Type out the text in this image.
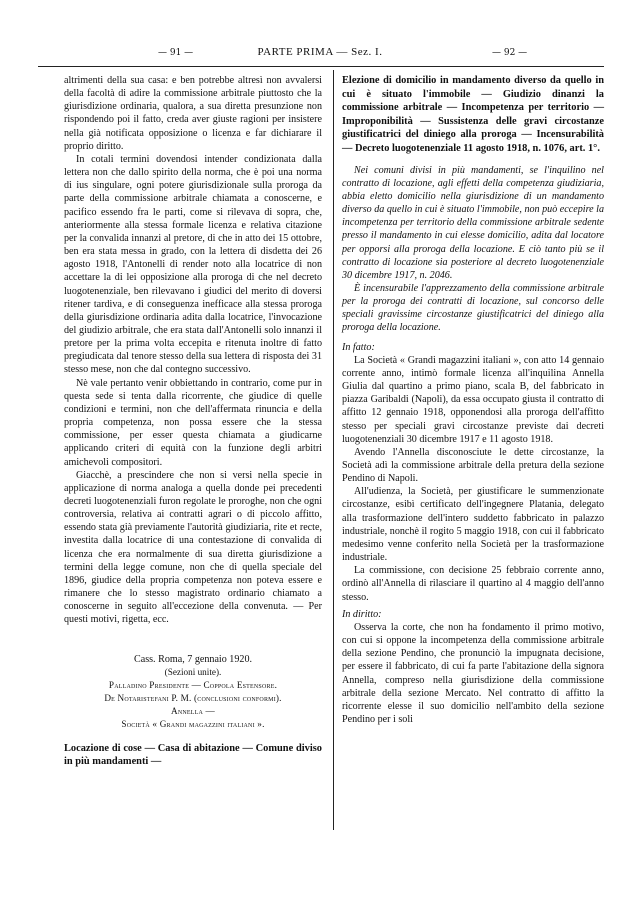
— 91 —	PARTE PRIMA — Sez. I.	— 92 —

altrimenti della sua casa: e ben potrebbe altresì non avvalersi della facoltà di adire la commissione arbitrale piuttosto che la giurisdizione ordinaria, qualora, a sua diretta presunzione non rispondendo poi il fatto, creda aver giuste ragioni per insistere nella già notificata opposizione o licenza e far dichiarare il proprio diritto.

In cotali termini dovendosi intender condizionata dalla lettera non che dallo spirito della norma, che è poi una norma di ius singulare, ogni potere giurisdizionale sulla proroga da parte della commissione arbitrale chiamata a conoscerne, e pacifico essendo fra le parti, come si rilevava di sopra, che, anteriormente alla stessa formale licenza e relativa citazione per la convalida innanzi al pretore, di che in atto dei 15 ottobre, ben era stata messa in grado, con la lettera di disdetta dei 26 agosto 1918, l'Antonelli di render noto alla locatrice di non accettare la di lei opposizione alla proroga di che nel decreto luogotenenziale, ben rilevavano i giudici del merito di doversi ritener tardiva, e di conseguenza inefficace alla stessa proroga della giurisdizione ordinaria adita dalla locatrice, l'invocazione del giudizio arbitrale, che era stata dall'Antonelli solo innanzi il pretore per la prima volta eccepita e ritenuta inoltre di fatto pregiudicata dal tenore stesso della sua lettera di risposta dei 31 stesso mese, non che dal contegno successivo.

Nè vale pertanto venir obbiettando in contrario, come pur in questa sede si tenta dalla ricorrente, che giudice di quelle condizioni e termini, non che dell'affermata rinuncia e della propria competenza, non possa essere che la stessa commissione, per esser questa chiamata a giudicarne applicando criteri di equità con la funzione degli arbitri amichevoli compositori.

Giacchè, a prescindere che non si versi nella specie in applicazione di norma analoga a quella donde pei precedenti decreti luogotenenziali furon regolate le proroghe, non che ogni controversia, relativa ai contratti agrari o di piccolo affitto, essendo stata già previamente l'autorità giudiziaria, rite et recte, investita dalla locatrice di una contestazione di convalida di licenza che era normalmente di sua diretta giurisdizione a termini della legge comune, non che di quella speciale del 1896, giudice della propria competenza non poteva essere e rimanere che lo stesso magistrato ordinario chiamato a conoscerne in seguito all'eccezione della convenuta. — Per questi motivi, rigetta, ecc.

Cass. Roma, 7 gennaio 1920.

(Sezioni unite).

Palladino Presidente — Coppola Estensore.

De Notaristefani P. M. (conclusioni conformi).

Annella —

Società « Grandi magazzini italiani ».

Locazione di cose — Casa di abitazione — Comune diviso in più mandamenti —

Elezione di domicilio in mandamento diverso da quello in cui è situato l'immobile — Giudizio dinanzi la commissione arbitrale — Incompetenza per territorio — Improponibilità — Sussistenza delle gravi circostanze giustificatrici del diniego alla proroga — Incensurabilità — Decreto luogotenenziale 11 agosto 1918, n. 1076, art. 1°.

Nei comuni divisi in più mandamenti, se l'inquilino nel contratto di locazione, agli effetti della competenza giudiziaria, abbia eletto domicilio nella giurisdizione di un mandamento diverso da quello in cui è situato l'immobile, non può eccepire la incompetenza per territorio della commissione arbitrale sedente presso il mandamento in cui elesse domicilio, adita dal locatore per opporsi alla proroga della locazione. E ciò tanto più se il contratto di locazione sia posteriore al decreto luogotenenziale 30 dicembre 1917, n. 2046.

È incensurabile l'apprezzamento della commissione arbitrale per la proroga dei contratti di locazione, sul concorso delle speciali gravissime circostanze giustificatrici del diniego alla proroga della locazione.

In fatto:

La Società « Grandi magazzini italiani », con atto 14 gennaio corrente anno, intimò formale licenza all'inquilina Annella Giulia dal quartino a primo piano, scala B, del fabbricato in piazza Garibaldi (Napoli), da essa occupato giusta il contratto di affitto 12 gennaio 1918, opponendosi alla proroga dell'affitto stesso per speciali gravi circostanze previste dai decreti luogotenenziali 30 dicembre 1917 e 11 agosto 1918.

Avendo l'Annella disconosciute le dette circostanze, la Società adì la commissione arbitrale della pretura della sezione Pendino di Napoli.

All'udienza, la Società, per giustificare le summenzionate circostanze, esibì certificato dell'ingegnere Platania, delegato alla trasformazione dell'intero suddetto fabbricato in palazzo industriale, nonchè il rogito 5 maggio 1918, con cui il fabbricato medesimo venne conferito nella Società per la trasformazione industriale.

La commissione, con decisione 25 febbraio corrente anno, ordinò all'Annella di rilasciare il quartino al 4 maggio dell'anno stesso.

In diritto:

Osserva la corte, che non ha fondamento il primo motivo, con cui si oppone la incompetenza della commissione arbitrale della sezione Pendino, che pronunciò la impugnata decisione, per essere il fabbricato, di cui fa parte l'abitazione della signora Annella, compreso nella giurisdizione della commissione arbitrale della sezione Mercato. Nel contratto di affitto la ricorrente elesse il suo domicilio nell'ambito della sezione Pendino per i soli
